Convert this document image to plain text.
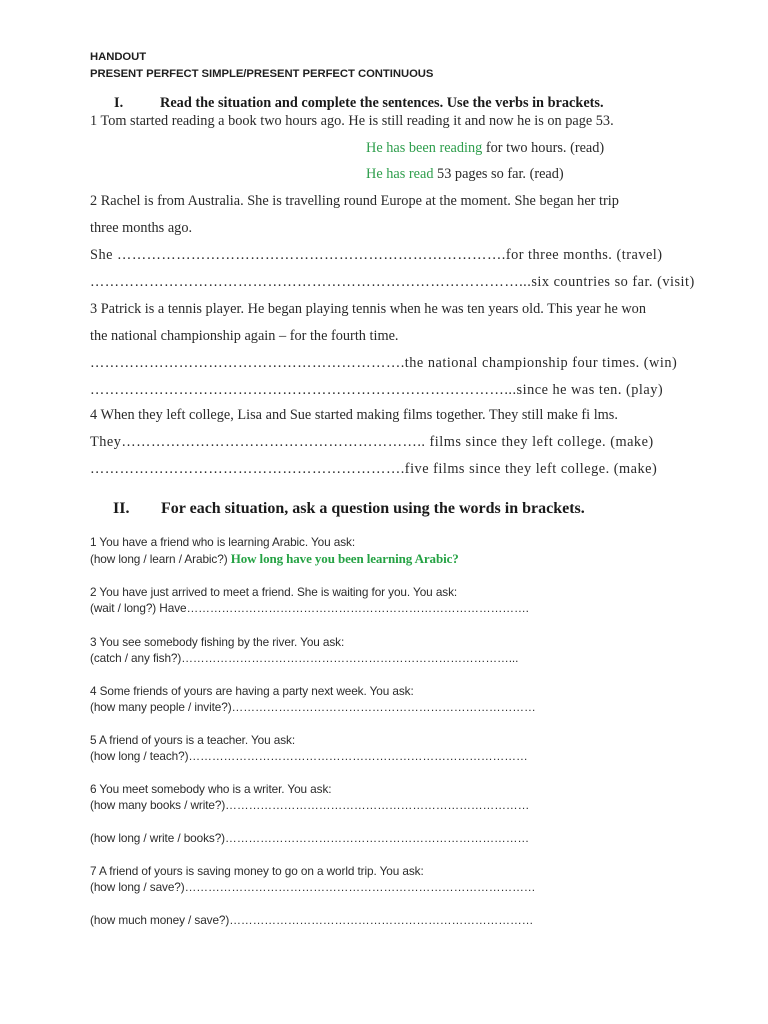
HANDOUT
PRESENT PERFECT SIMPLE/PRESENT PERFECT CONTINUOUS
I.	Read the situation and complete the sentences. Use the verbs in brackets.
1 Tom started reading a book two hours ago. He is still reading it and now he is on page 53.
He has been reading for two hours. (read)
He has read 53 pages so far. (read)
2 Rachel is from Australia. She is travelling round Europe at the moment. She began her trip
three months ago.
She …………………………………………………………………….for three months. (travel)
……………………………………………………………………………...six countries so far. (visit)
3 Patrick is a tennis player. He began playing tennis when he was ten years old. This year he won
the national championship again – for the fourth time.
……………………………………………………….the national championship four times. (win)
…………………………………………………………………………...since he was ten. (play)
4 When they left college, Lisa and Sue started making films together. They still make fi lms.
They…………………………………………………….. films since they left college. (make)
……………………………………………………….five films since they left college. (make)
II. For each situation, ask a question using the words in brackets.
1 You have a friend who is learning Arabic. You ask:
(how long / learn / Arabic?) How long have you been learning Arabic?
2 You have just arrived to meet a friend. She is waiting for you. You ask:
(wait / long?) Have…………………………………………………………………………….
3 You see somebody fishing by the river. You ask:
(catch / any fish?)…………………………………………………………………………...
4 Some friends of yours are having a party next week. You ask:
(how many people / invite?)……………………………………………………………………
5 A friend of yours is a teacher. You ask:
(how long / teach?)……………………………………………………………………………
6 You meet somebody who is a writer. You ask:
(how many books / write?)……………………………………………………………………
(how long / write / books?)……………………………………………………………………
7 A friend of yours is saving money to go on a world trip. You ask:
(how long / save?)………………………………………………………………………………
(how much money / save?)……………………………………………………………………
